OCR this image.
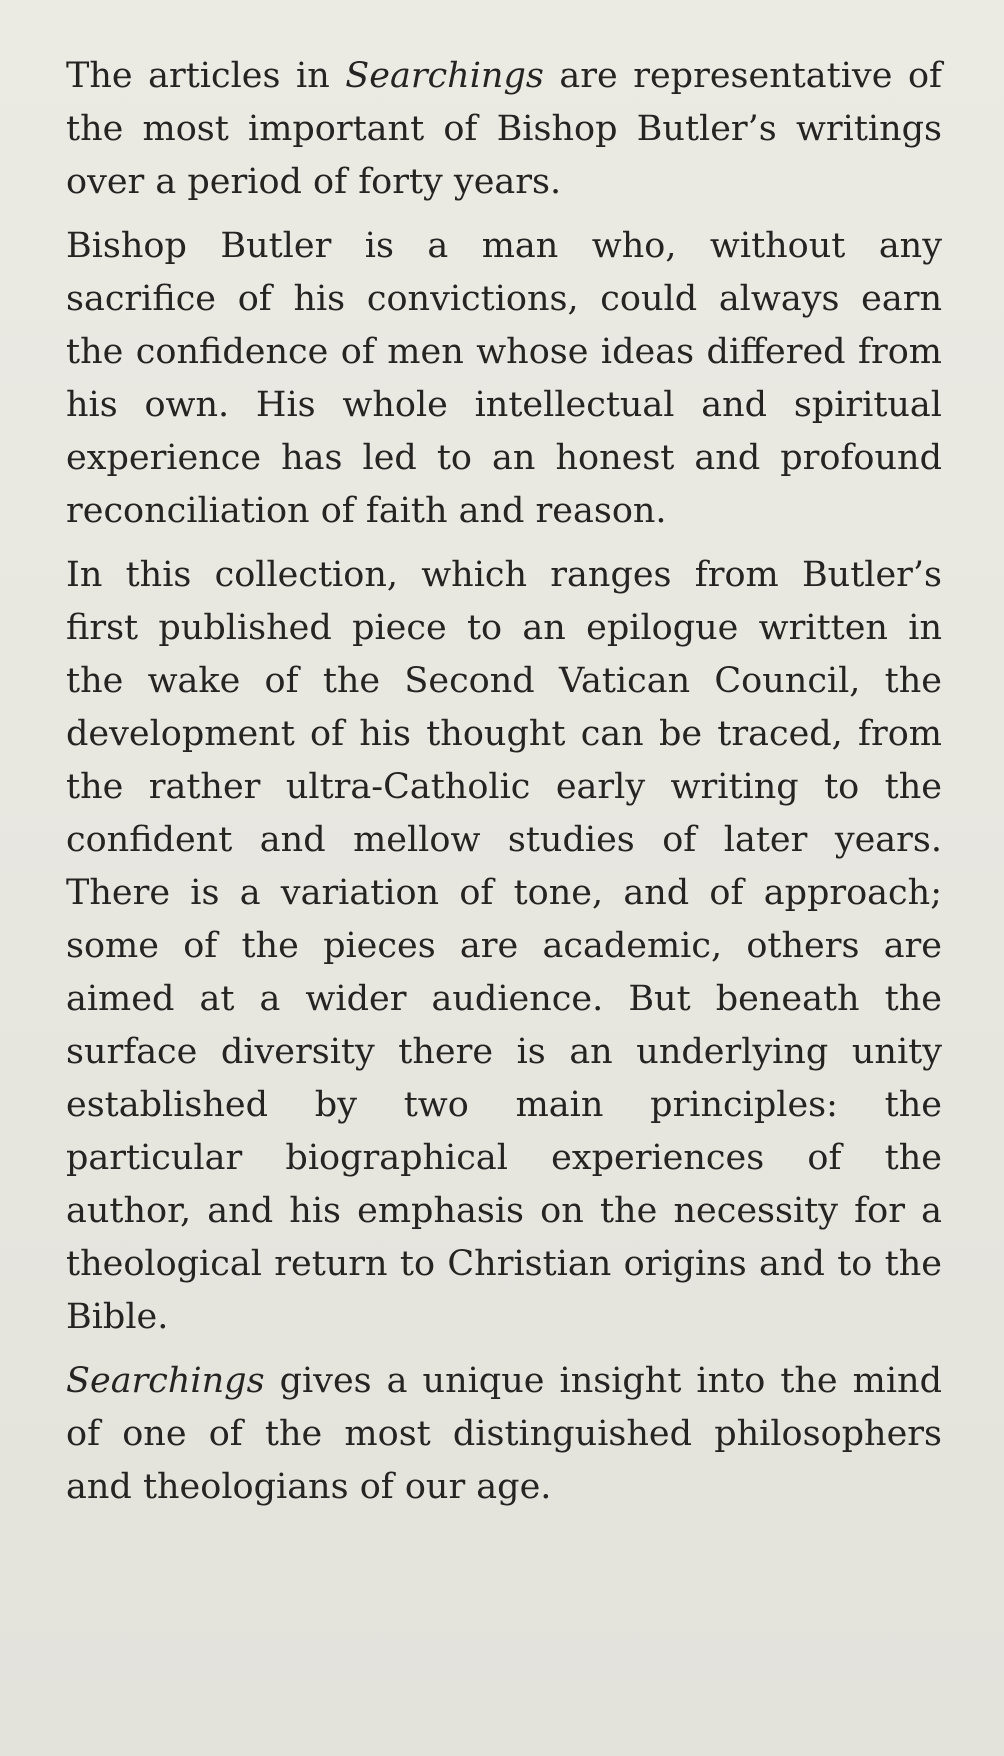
The articles in Searchings are representative of the most important of Bishop Butler’s writings over a period of forty years.

Bishop Butler is a man who, without any sacrifice of his convictions, could always earn the confidence of men whose ideas differed from his own. His whole intellectual and spiritual experience has led to an honest and profound reconciliation of faith and reason.

In this collection, which ranges from Butler’s first published piece to an epilogue written in the wake of the Second Vatican Council, the development of his thought can be traced, from the rather ultra-Catholic early writing to the confident and mellow studies of later years. There is a variation of tone, and of approach; some of the pieces are academic, others are aimed at a wider audience. But beneath the surface diversity there is an underlying unity established by two main principles: the particular biographical experiences of the author, and his emphasis on the necessity for a theological return to Christian origins and to the Bible.

Searchings gives a unique insight into the mind of one of the most distinguished philosophers and theologians of our age.
